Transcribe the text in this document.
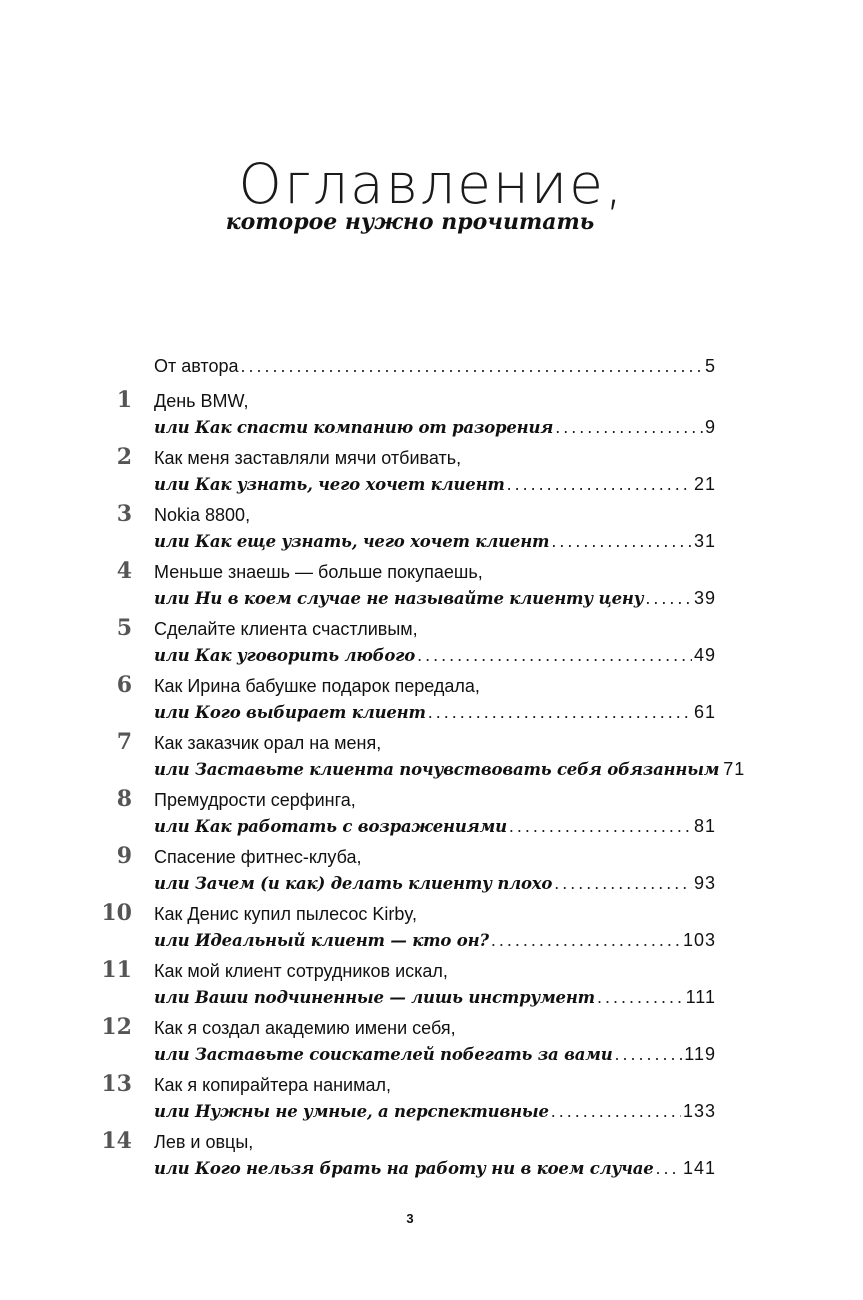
Оглавление,
которое нужно прочитать
От автора .....	5
1 День BMW,
или Как спасти компанию от разорения .....	9
2 Как меня заставляли мячи отбивать,
или Как узнать, чего хочет клиент .....	21
3 Nokia 8800,
или Как еще узнать, чего хочет клиент .....	31
4 Меньше знаешь — больше покупаешь,
или Ни в коем случае не называйте клиенту цену .....	39
5 Сделайте клиента счастливым,
или Как уговорить любого .....	49
6 Как Ирина бабушке подарок передала,
или Кого выбирает клиент .....	61
7 Как заказчик орал на меня,
или Заставьте клиента почувствовать себя обязанным 71
8 Премудрости серфинга,
или Как работать с возражениями .....	81
9 Спасение фитнес-клуба,
или Зачем (и как) делать клиенту плохо .....	93
10 Как Денис купил пылесос Kirby,
или Идеальный клиент — кто он? .....	103
11 Как мой клиент сотрудников искал,
или Ваши подчиненные — лишь инструмент .....	111
12 Как я создал академию имени себя,
или Заставьте соискателей побегать за вами .....	119
13 Как я копирайтера нанимал,
или Нужны не умные, а перспективные .....	133
14 Лев и овцы,
или Кого нельзя брать на работу ни в коем случае ..... 141
3
